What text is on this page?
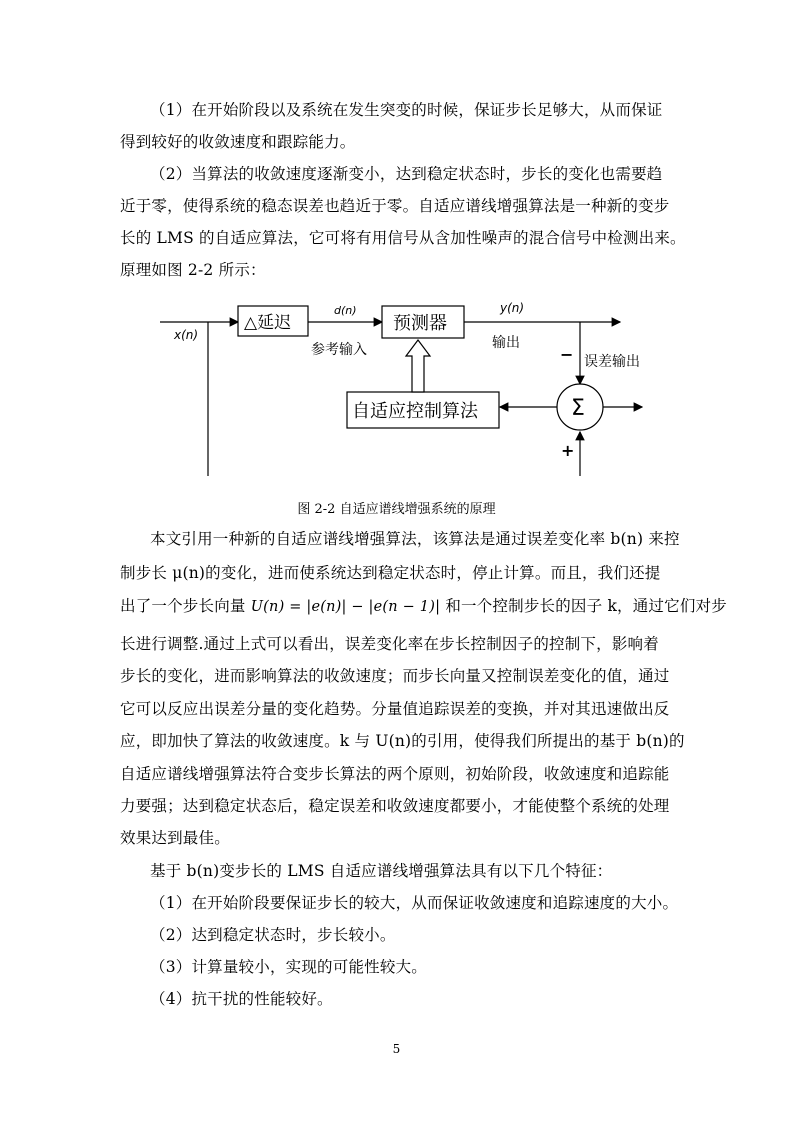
（1）在开始阶段以及系统在发生突变的时候，保证步长足够大，从而保证
得到较好的收敛速度和跟踪能力。
（2）当算法的收敛速度逐渐变小，达到稳定状态时，步长的变化也需要趋
近于零，使得系统的稳态误差也趋近于零。自适应谱线增强算法是一种新的变步
长的 LMS 的自适应算法，它可将有用信号从含加性噪声的混合信号中检测出来。
原理如图 2-2 所示：
x(n)
△延迟
d(n)
参考输入
预测器
y(n)
输出
− 误差输出
Σ
+
自适应控制算法
图 2-2 自适应谱线增强系统的原理
本文引用一种新的自适应谱线增强算法，该算法是通过误差变化率 b(n) 来控
制步长 μ(n)的变化，进而使系统达到稳定状态时，停止计算。而且，我们还提
出了一个步长向量 U(n) = |e(n)| − |e(n − 1)| 和一个控制步长的因子 k，通过它们对步
长进行调整.通过上式可以看出，误差变化率在步长控制因子的控制下，影响着
步长的变化，进而影响算法的收敛速度；而步长向量又控制误差变化的值，通过
它可以反应出误差分量的变化趋势。分量值追踪误差的变换，并对其迅速做出反
应，即加快了算法的收敛速度。k 与 U(n)的引用，使得我们所提出的基于 b(n)的
自适应谱线增强算法符合变步长算法的两个原则，初始阶段，收敛速度和追踪能
力要强；达到稳定状态后，稳定误差和收敛速度都要小，才能使整个系统的处理
效果达到最佳。
基于 b(n)变步长的 LMS 自适应谱线增强算法具有以下几个特征：
（1）在开始阶段要保证步长的较大，从而保证收敛速度和追踪速度的大小。
（2）达到稳定状态时，步长较小。
（3）计算量较小，实现的可能性较大。
（4）抗干扰的性能较好。
5
